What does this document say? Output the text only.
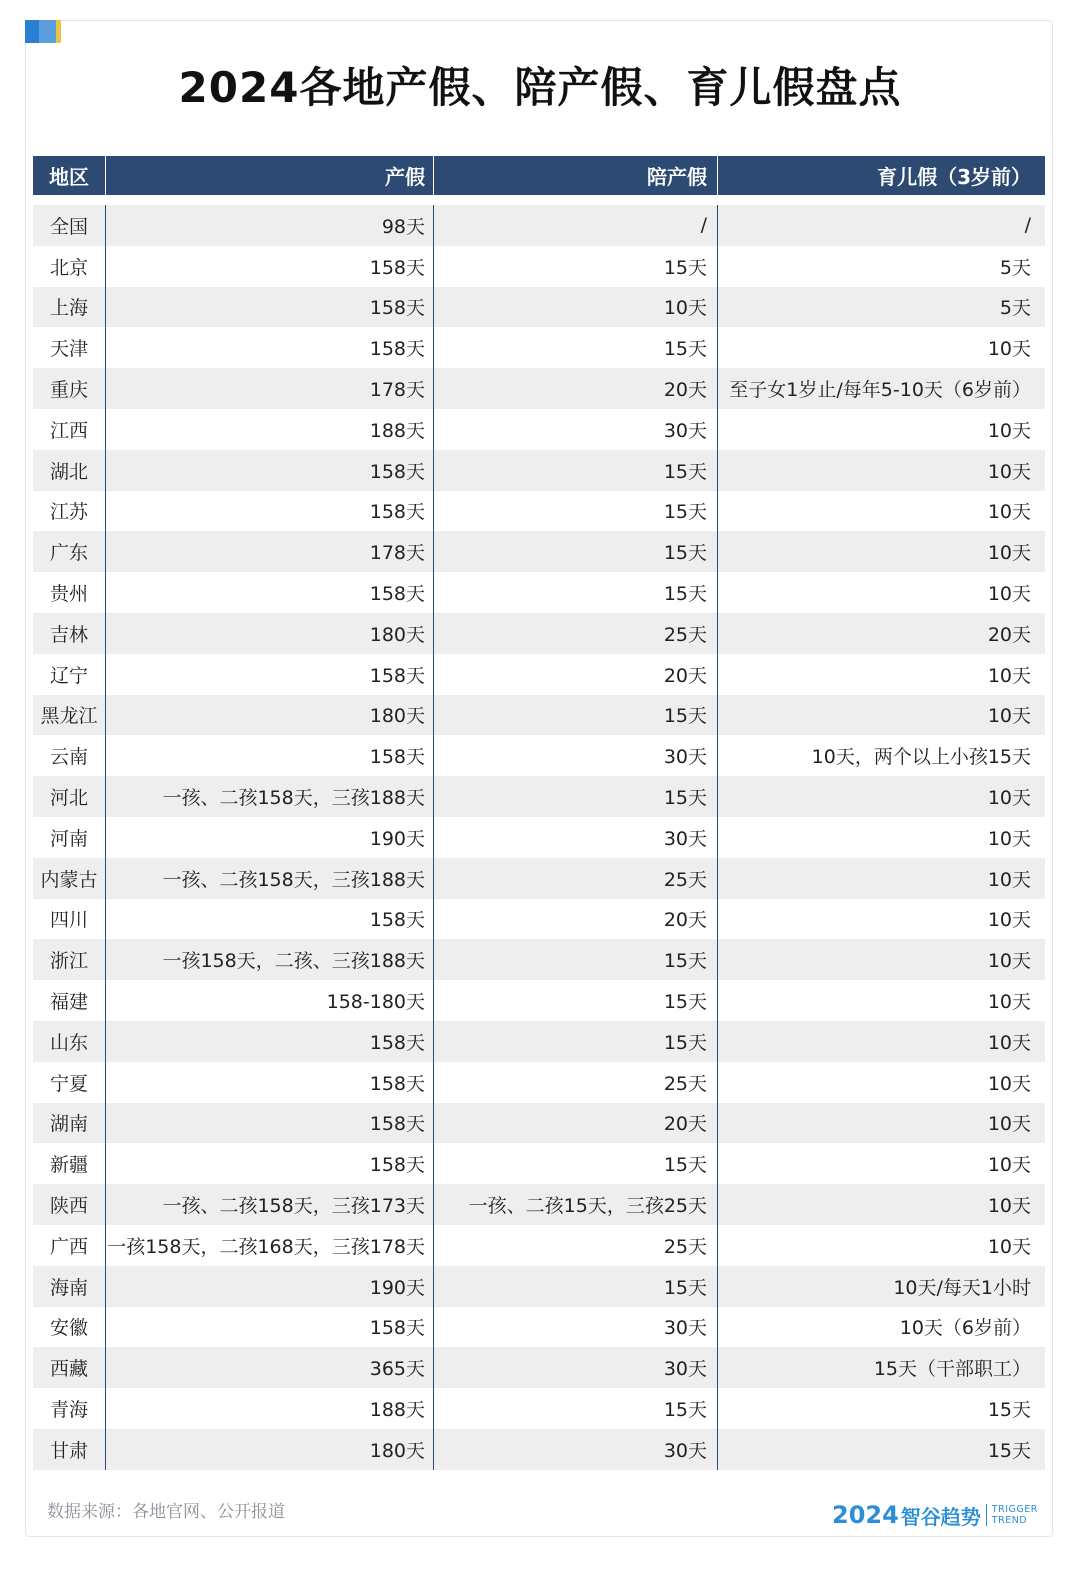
2024各地产假、陪产假、育儿假盘点
地区	产假	陪产假	育儿假（3岁前）
全国	98天	/	/
北京	158天	15天	5天
上海	158天	10天	5天
天津	158天	15天	10天
重庆	178天	20天	至子女1岁止/每年5-10天（6岁前）
江西	188天	30天	10天
湖北	158天	15天	10天
江苏	158天	15天	10天
广东	178天	15天	10天
贵州	158天	15天	10天
吉林	180天	25天	20天
辽宁	158天	20天	10天
黑龙江	180天	15天	10天
云南	158天	30天	10天，两个以上小孩15天
河北	一孩、二孩158天，三孩188天	15天	10天
河南	190天	30天	10天
内蒙古	一孩、二孩158天，三孩188天	25天	10天
四川	158天	20天	10天
浙江	一孩158天，二孩、三孩188天	15天	10天
福建	158-180天	15天	10天
山东	158天	15天	10天
宁夏	158天	25天	10天
湖南	158天	20天	10天
新疆	158天	15天	10天
陕西	一孩、二孩158天，三孩173天	一孩、二孩15天，三孩25天	10天
广西	一孩158天，二孩168天，三孩178天	25天	10天
海南	190天	15天	10天/每天1小时
安徽	158天	30天	10天（6岁前）
西藏	365天	30天	15天（干部职工）
青海	188天	15天	15天
甘肃	180天	30天	15天
数据来源：各地官网、公开报道	2024 智谷趋势 TRIGGER
TREND
